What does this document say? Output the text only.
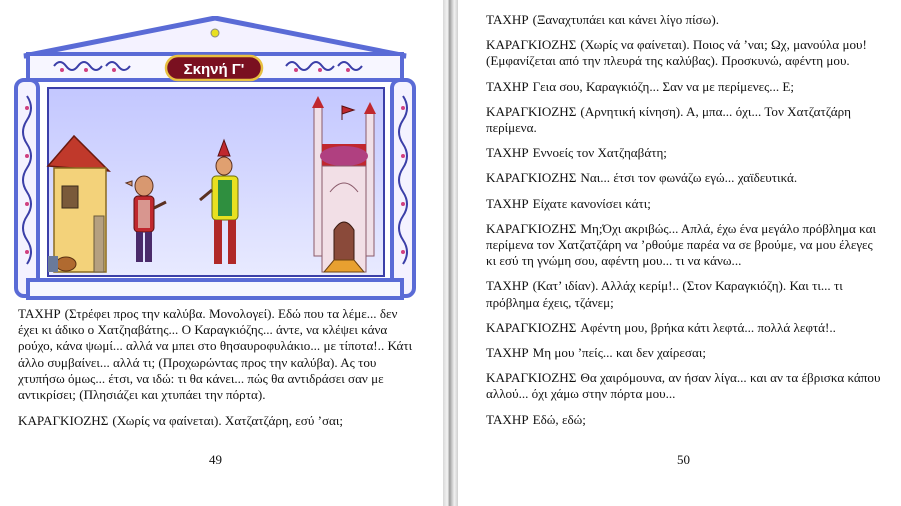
Σκηνή Γ'

ΤΑΧΗΡ (Στρέφει προς την καλύβα. Μονολογεί). Εδώ που τα λέμε... δεν έχει κι άδικο ο Χατζηαβάτης... Ο Καραγκιόζης... άντε, να κλέψει κάνα ρούχο, κάνα ψωμί... αλλά να μπει στο θησαυροφυλάκιο... με τίποτα!.. Κάτι άλλο συμβαίνει... αλλά τι; (Προχωρώντας προς την καλύβα). Ας του χτυπήσω όμως... έτσι, να ιδώ: τι θα κάνει... πώς θα αντιδράσει σαν με αντικρίσει; (Πλησιάζει και χτυπάει την πόρτα).

ΚΑΡΑΓΚΙΟΖΗΣ (Χωρίς να φαίνεται). Χατζατζάρη, εσύ ’σαι;

49

ΤΑΧΗΡ (Ξαναχτυπάει και κάνει λίγο πίσω).

ΚΑΡΑΓΚΙΟΖΗΣ (Χωρίς να φαίνεται). Ποιος νά ’ναι; Ωχ, μανούλα μου! (Εμφανίζεται από την πλευρά της καλύβας). Προσκυνώ, αφέντη μου.

ΤΑΧΗΡ Γεια σου, Καραγκιόζη... Σαν να με περίμενες... Ε;

ΚΑΡΑΓΚΙΟΖΗΣ (Αρνητική κίνηση). Α, μπα... όχι... Τον Χατζατζάρη περίμενα.

ΤΑΧΗΡ Εννοείς τον Χατζηαβάτη;

ΚΑΡΑΓΚΙΟΖΗΣ Ναι... έτσι τον φωνάζω εγώ... χαϊδευτικά.

ΤΑΧΗΡ Είχατε κανονίσει κάτι;

ΚΑΡΑΓΚΙΟΖΗΣ Μη;Όχι ακριβώς... Απλά, έχω ένα μεγάλο πρόβλημα και περίμενα τον Χατζατζάρη να ’ρθούμε παρέα να σε βρούμε, να μου έλεγες κι εσύ τη γνώμη σου, αφέντη μου... τι να κάνω...

ΤΑΧΗΡ (Κατ’ ιδίαν). Αλλάχ κερίμ!.. (Στον Καραγκιόζη). Και τι... τι πρόβλημα έχεις, τζάνεμ;

ΚΑΡΑΓΚΙΟΖΗΣ Αφέντη μου, βρήκα κάτι λεφτά... πολλά λεφτά!..

ΤΑΧΗΡ Μη μου ’πείς... και δεν χαίρεσαι;

ΚΑΡΑΓΚΙΟΖΗΣ Θα χαιρόμουνα, αν ήσαν λίγα... και αν τα έβρισκα κάπου αλλού... όχι χάμω στην πόρτα μου...

ΤΑΧΗΡ Εδώ, εδώ;

50
